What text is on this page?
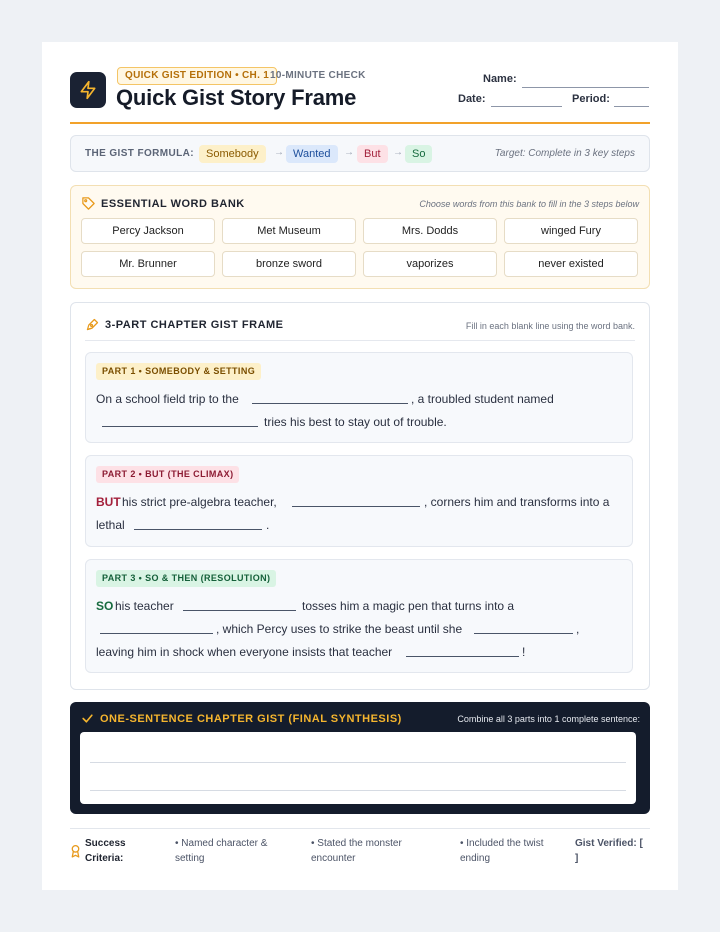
QUICK GIST EDITION • CH. 1 10-MINUTE CHECK
Quick Gist Story Frame
Name:
Date:	Period:
THE GIST FORMULA:	Somebody	→ Wanted	→ But	→ So	Target: Complete in 3 key steps
ESSENTIAL WORD BANK	Choose words from this bank to fill in the 3 steps below
Percy Jackson	Met Museum	Mrs. Dodds	winged Fury
Mr. Brunner	bronze sword	vaporizes	never existed
3-PART CHAPTER GIST FRAME	Fill in each blank line using the word bank.
PART 1 • SOMEBODY & SETTING
On a school field trip to the	, a troubled student named
tries his best to stay out of trouble.
PART 2 • BUT (THE CLIMAX)
BUT his strict pre-algebra teacher,	, corners him and transforms into a
lethal	.
PART 3 • SO & THEN (RESOLUTION)
SO his teacher	tosses him a magic pen that turns into a
, which Percy uses to strike the beast until she	,
leaving him in shock when everyone insists that teacher	!
ONE-SENTENCE CHAPTER GIST (FINAL SYNTHESIS)	Combine all 3 parts into 1 complete sentence:
Success
Criteria:
• Named character &
setting
• Stated the monster
encounter
• Included the twist
ending
Gist Verified: [
]
